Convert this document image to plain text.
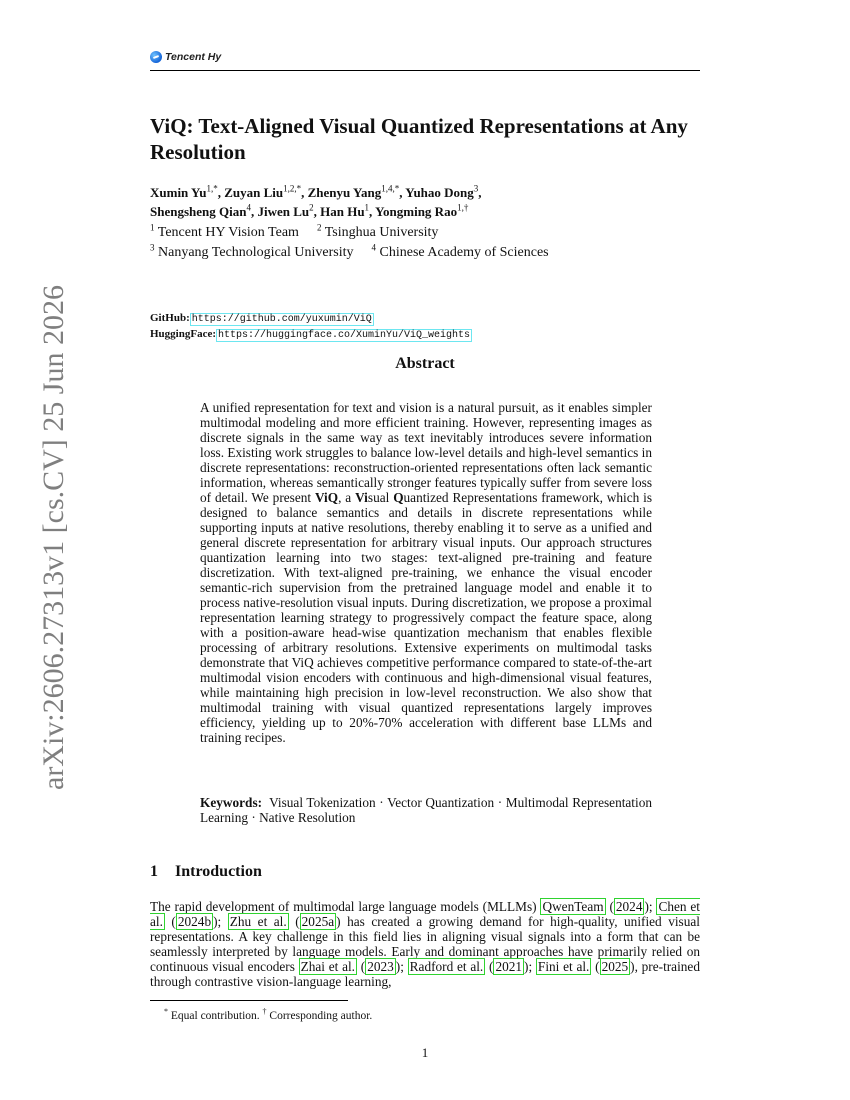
Tencent Hy
ViQ: Text-Aligned Visual Quantized Representations at Any Resolution
Xumin $Yu^{1,*}$, Zuyan Liu$^{1,2,*}$, Zhenyu Yang$^{1,4,*}$, Yuhao Dong$^3$,
Shengsheng Qian$^4$, Jiwen Lu$^2$, Han Hu$^1$, Yongming Rao$^{1,\dagger}$
$^1$ Tencent HY Vision Team $^2$ Tsinghua University
$^3$ Nanyang Technological University $^4$ Chinese Academy of Sciences
GitHub: https://github.com/yuxumin/ViQ
HuggingFace: https://huggingface.co/XuminYu/ViQ_weights
Abstract

A unified representation for text and vision is a natural pursuit, as it enables simpler multimodal modeling and more efficient training. However, representing images as discrete signals in the same way as text inevitably introduces severe information loss. Existing work struggles to balance low-level details and high-level semantics in discrete representations: reconstruction-oriented representations often lack semantic information, whereas semantically stronger features typically suffer from severe loss of detail. We present ViQ, a Visual Quantized Representations framework, which is designed to balance semantics and details in discrete representations while supporting inputs at native resolutions, thereby enabling it to serve as a unified and general discrete representation for arbitrary visual inputs. Our approach structures quantization learning into two stages: text-aligned pre-training and feature discretization. With text-aligned pre-training, we enhance the visual encoder semantic-rich supervision from the pretrained language model and enable it to process native-resolution visual inputs. During discretization, we propose a proximal representation learning strategy to progressively compact the feature space, along with a position-aware head-wise quantization mechanism that enables flexible processing of arbitrary resolutions. Extensive experiments on multimodal tasks demonstrate that ViQ achieves competitive performance compared to state-of-the-art multimodal vision encoders with continuous and high-dimensional visual features, while maintaining high precision in low-level reconstruction. We also show that multimodal training with visual quantized representations largely improves efficiency, yielding up to 20%-70% acceleration with different base LLMs and training recipes.

Keywords: Visual Tokenization · Vector Quantization · Multimodal Representation Learning · Native Resolution

1 Introduction

The rapid development of multimodal large language models (MLLMs) QwenTeam ( 2024 ); Chen et al. ( 2024b ); Zhu et al. ( 2025a ) has created a growing demand for high-quality, unified visual representations. A key challenge in this field lies in aligning visual signals into a form that can be seamlessly interpreted by language models. Early and dominant approaches have primarily relied on continuous visual encoders Zhai et al. ( 2023 ); Radford et al. ( 2021 ); Fini et al. ( 2025 ), pre-trained through contrastive vision-language learning,

* Equal contribution. † Corresponding author.
1
arXiv:2606.27313v1 [cs.CV] 25 Jun 2026
